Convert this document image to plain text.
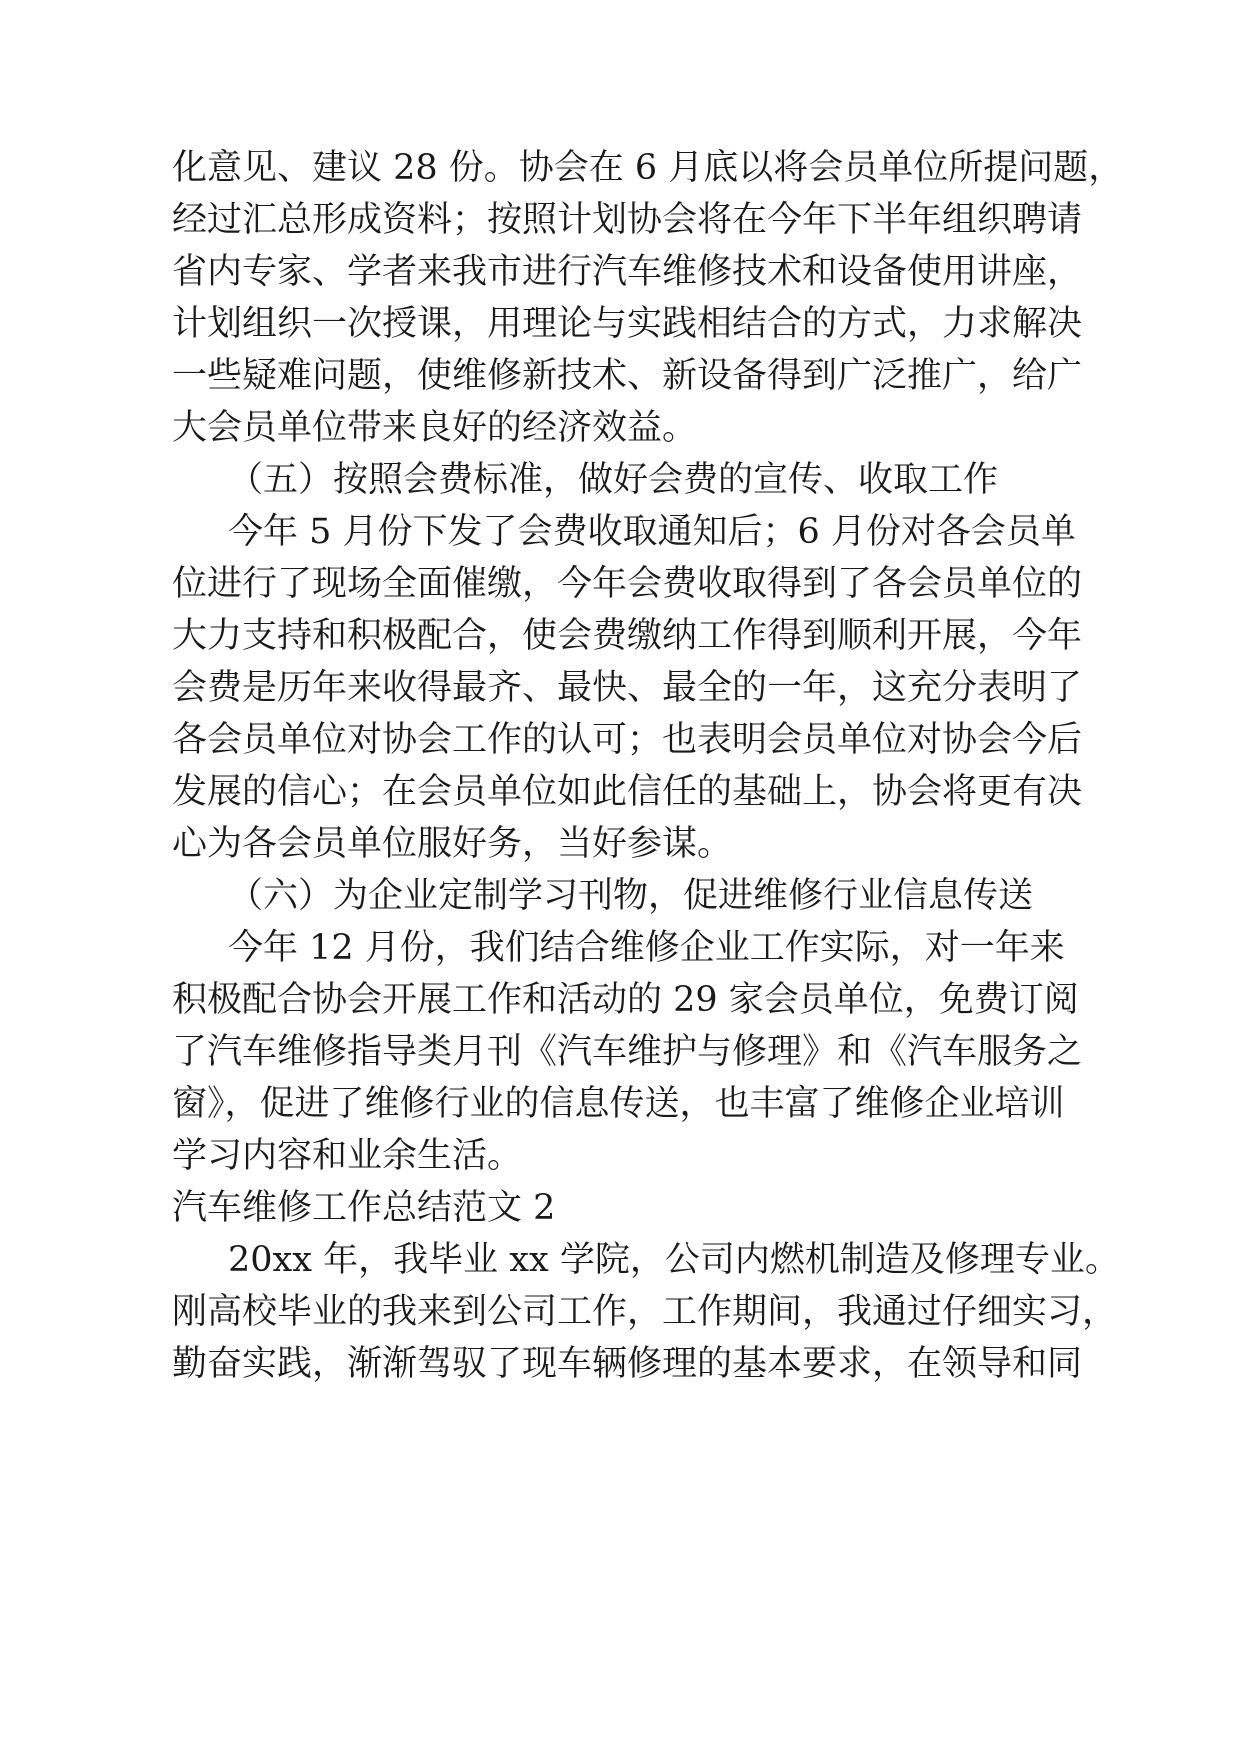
化意见、建议 28 份。协会在 6 月底以将会员单位所提问题，
经过汇总形成资料；按照计划协会将在今年下半年组织聘请
省内专家、学者来我市进行汽车维修技术和设备使用讲座，
计划组织一次授课，用理论与实践相结合的方式，力求解决
一些疑难问题，使维修新技术、新设备得到广泛推广，给广
大会员单位带来良好的经济效益。
（五）按照会费标准，做好会费的宣传、收取工作
今年 5 月份下发了会费收取通知后；6 月份对各会员单
位进行了现场全面催缴，今年会费收取得到了各会员单位的
大力支持和积极配合，使会费缴纳工作得到顺利开展，今年
会费是历年来收得最齐、最快、最全的一年，这充分表明了
各会员单位对协会工作的认可；也表明会员单位对协会今后
发展的信心；在会员单位如此信任的基础上，协会将更有决
心为各会员单位服好务，当好参谋。
（六）为企业定制学习刊物，促进维修行业信息传送
今年 12 月份，我们结合维修企业工作实际，对一年来
积极配合协会开展工作和活动的 29 家会员单位，免费订阅
了汽车维修指导类月刊《汽车维护与修理》和《汽车服务之
窗》，促进了维修行业的信息传送，也丰富了维修企业培训
学习内容和业余生活。
汽车维修工作总结范文 2
20xx 年，我毕业 xx 学院，公司内燃机制造及修理专业。
刚高校毕业的我来到公司工作，工作期间，我通过仔细实习，
勤奋实践，渐渐驾驭了现车辆修理的基本要求，在领导和同
